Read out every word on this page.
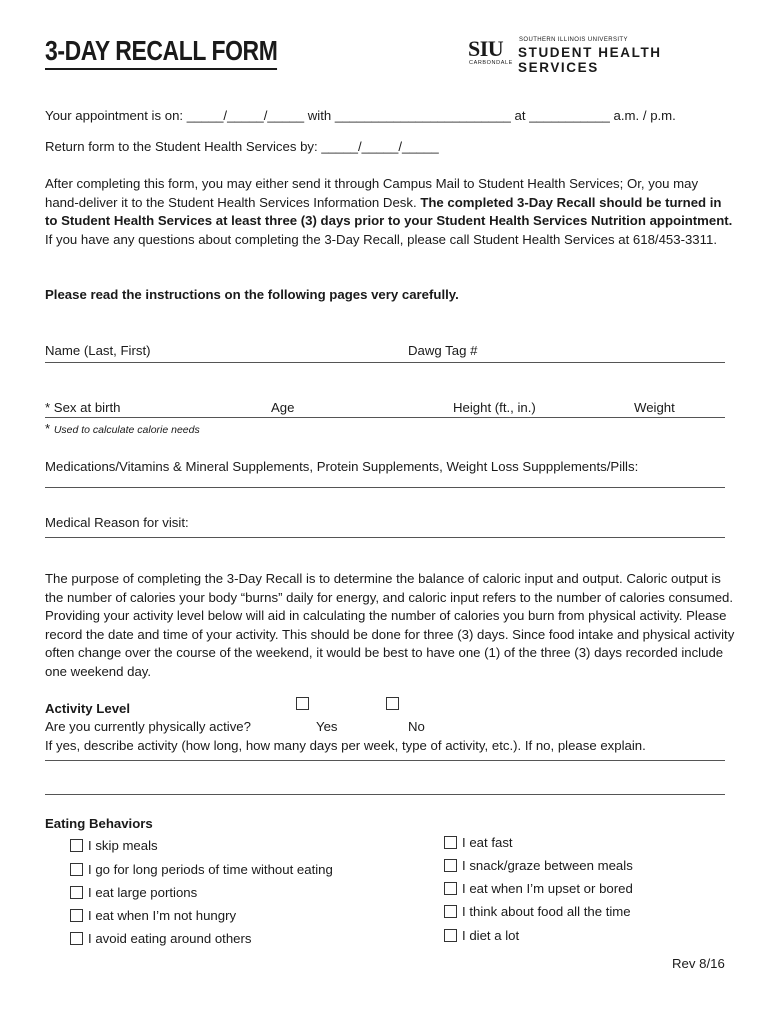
3-DAY RECALL FORM	SIU
CARBONDALE
SOUTHERN ILLINOIS UNIVERSITY
STUDENT HEALTH SERVICES
Your appointment is on: _____/_____/_____ with ________________________ at ___________ a.m. / p.m.
Return form to the Student Health Services by: _____/_____/_____
After completing this form, you may either send it through Campus Mail to Student Health Services; Or, you may hand-deliver it to the Student Health Services Information Desk. The completed 3-Day Recall should be turned in to Student Health Services at least three (3) days prior to your Student Health Services Nutrition appointment. If you have any questions about completing the 3-Day Recall, please call Student Health Services at 618/453-3311.
Please read the instructions on the following pages very carefully.
Name (Last, First)	Dawg Tag #
* Sex at birth	Age	Height (ft., in.)	Weight
* Used to calculate calorie needs
Medications/Vitamins & Mineral Supplements, Protein Supplements, Weight Loss Suppplements/Pills:
Medical Reason for visit:
The purpose of completing the 3-Day Recall is to determine the balance of caloric input and output. Caloric output is the number of calories your body “burns” daily for energy, and caloric input refers to the number of calories consumed. Providing your activity level below will aid in calculating the number of calories you burn from physical activity. Please record the date and time of your activity. This should be done for three (3) days. Since food intake and physical activity often change over the course of the weekend, it would be best to have one (1) of the three (3) days recorded include one weekend day.
Activity Level
Are you currently physically active?	Yes	No
If yes, describe activity (how long, how many days per week, type of activity, etc.). If no, please explain.
Eating Behaviors
I skip meals
I go for long periods of time without eating
I eat large portions
I eat when I’m not hungry
I avoid eating around others
I eat fast
I snack/graze between meals
I eat when I’m upset or bored
I think about food all the time
I diet a lot
Rev 8/16
